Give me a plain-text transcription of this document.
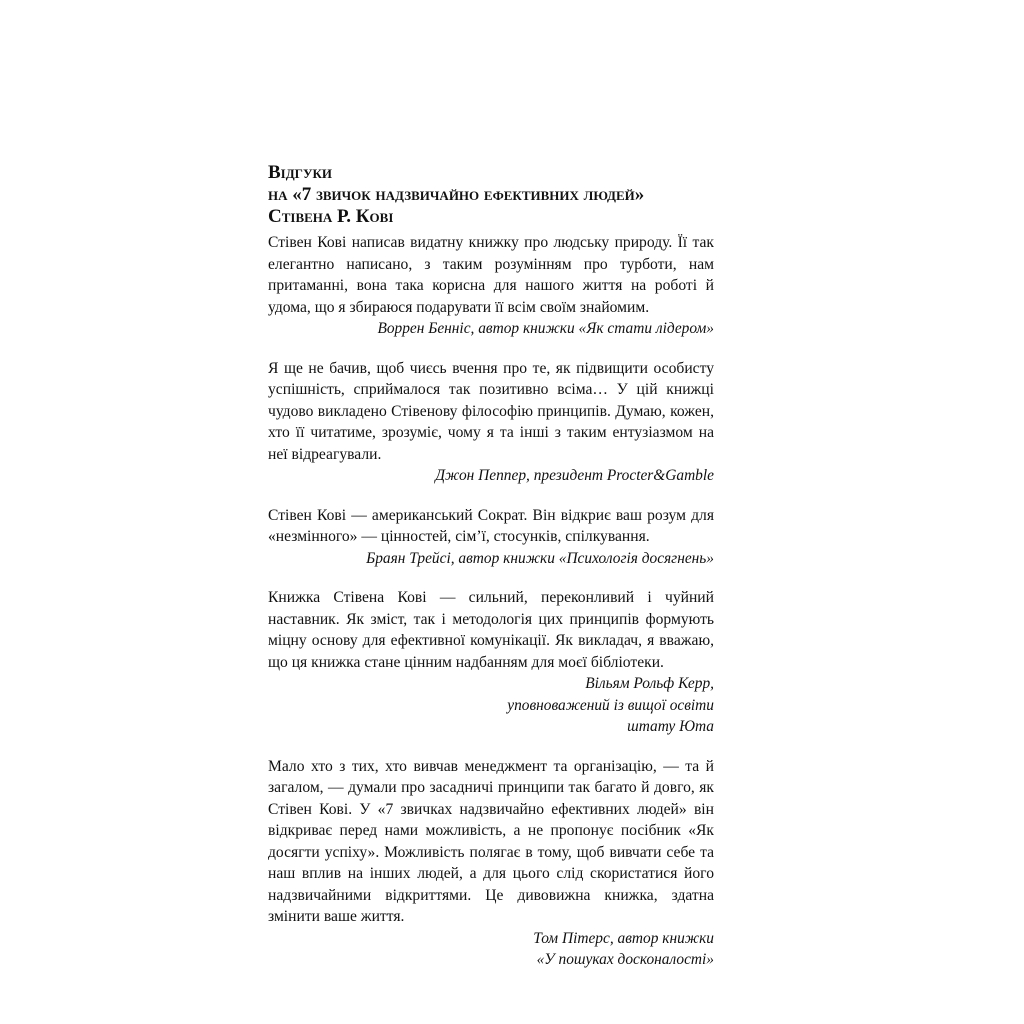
Відгуки
на «7 звичок надзвичайно ефективних людей»
Стівена Р. Кові

Стівен Кові написав видатну книжку про людську природу. Її так елегантно написано, з таким розумінням про турботи, нам притаманні, вона така корисна для нашого життя на роботі й удома, що я збираюся подарувати її всім своїм знайомим.

Воррен Бенніс, автор книжки «Як стати лідером»

Я ще не бачив, щоб чиєсь вчення про те, як підвищити особисту успішність, сприймалося так позитивно всіма… У цій книжці чудово викладено Стівенову філософію принципів. Думаю, кожен, хто її читатиме, зрозуміє, чому я та інші з таким ентузіазмом на неї відреагували.

Джон Пеппер, президент Procter&Gamble

Стівен Кові — американський Сократ. Він відкриє ваш розум для «незмінного» — цінностей, сім’ї, стосунків, спілкування.

Браян Трейсі, автор книжки «Психологія досягнень»

Книжка Стівена Кові — сильний, переконливий і чуйний наставник. Як зміст, так і методологія цих принципів формують міцну основу для ефективної комунікації. Як викладач, я вважаю, що ця книжка стане цінним надбанням для моєї бібліотеки.

Вільям Рольф Керр,
уповноважений із вищої освіти
штату Юта

Мало хто з тих, хто вивчав менеджмент та організацію, — та й загалом, — думали про засадничі принципи так багато й довго, як Стівен Кові. У «7 звичках надзвичайно ефективних людей» він відкриває перед нами можливість, а не пропонує посібник «Як досягти успіху». Можливість полягає в тому, щоб вивчати себе та наш вплив на інших людей, а для цього слід скористатися його надзвичайними відкриттями. Це дивовижна книжка, здатна змінити ваше життя.

Том Пітерс, автор книжки
«У пошуках досконалості»
